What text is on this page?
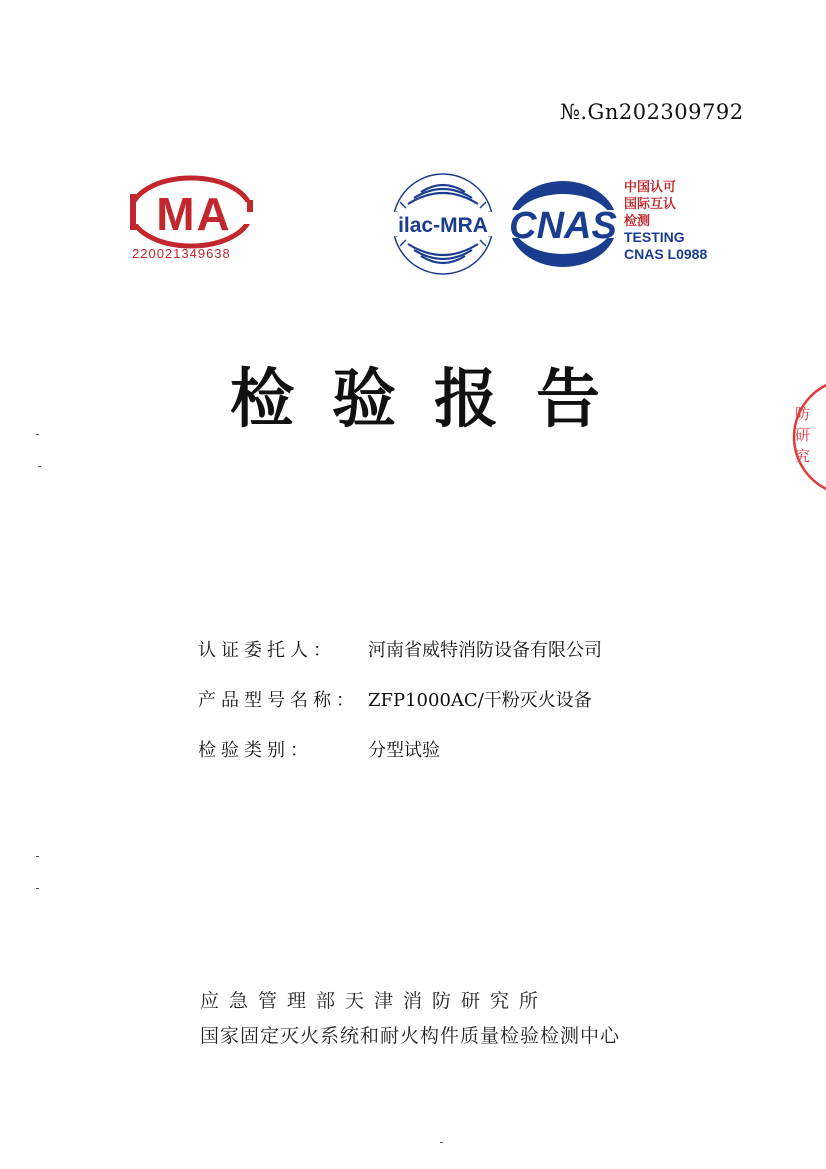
№.Gn202309792
MA
220021349638
ilac-MRA CNAS
中国认可
国际互认
检测
TESTING
CNAS L0988
检验报告
防研究
认证委托人：	河南省威特消防设备有限公司
产品型号名称： ZFP1000AC/干粉灭火设备
检验类别：	分型试验
应急管理部天津消防研究所
国家固定灭火系统和耐火构件质量检验检测中心
